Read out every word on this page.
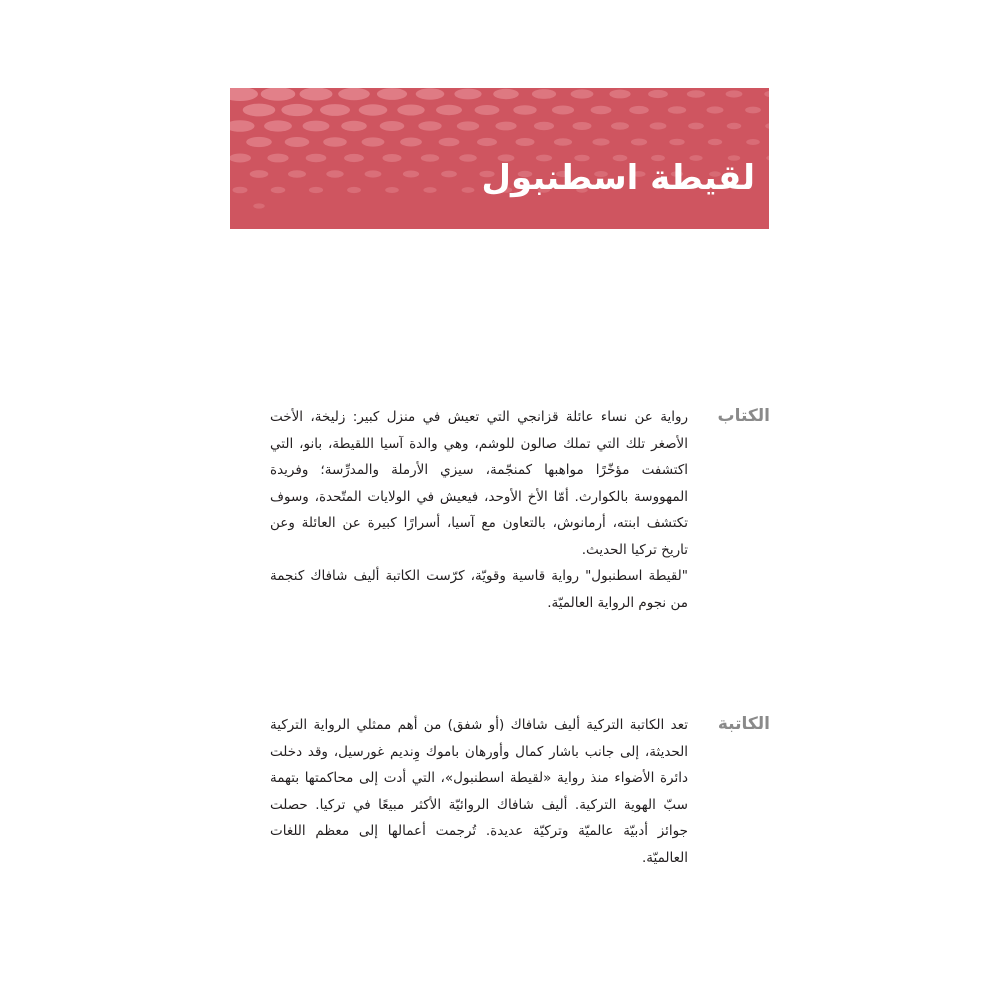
لقيطة اسطنبول
الكتاب

رواية عن نساء عائلة قزانجي التي تعيش في منزل كبير: زليخة، الأخت الأصغر تلك التي تملك صالون للوشم، وهي والدة آسيا اللقيطة، بانو، التي اكتشفت مؤخّرًا مواهبها كمنجّمة، سيزي الأرملة والمدرِّسة؛ وفريدة المهووسة بالكوارث. أمّا الأخ الأوحد، فيعيش في الولايات المتّحدة، وسوف تكتشف ابنته، أرمانوش، بالتعاون مع آسيا، أسرارًا كبيرة عن العائلة وعن تاريخ تركيا الحديث.

"لقيطة اسطنبول" رواية قاسية وقويّة، كرّست الكاتبة أليف شافاك كنجمة من نجوم الرواية العالميّة.

الكاتبة

تعد الكاتبة التركية أليف شافاك (أو شفق) من أهم ممثلي الرواية التركية الحديثة، إلى جانب باشار كمال وأورهان باموك وِنديم غورسيل، وقد دخلت دائرة الأضواء منذ رواية «لقيطة اسطنبول»، التي أدت إلى محاكمتها بتهمة سبّ الهوية التركية. أليف شافاك الروائيّة الأكثر مبيعًا في تركيا. حصلت جوائز أدبيّة عالميّة وتركيّة عديدة. تُرجمت أعمالها إلى معظم اللغات العالميّة.
